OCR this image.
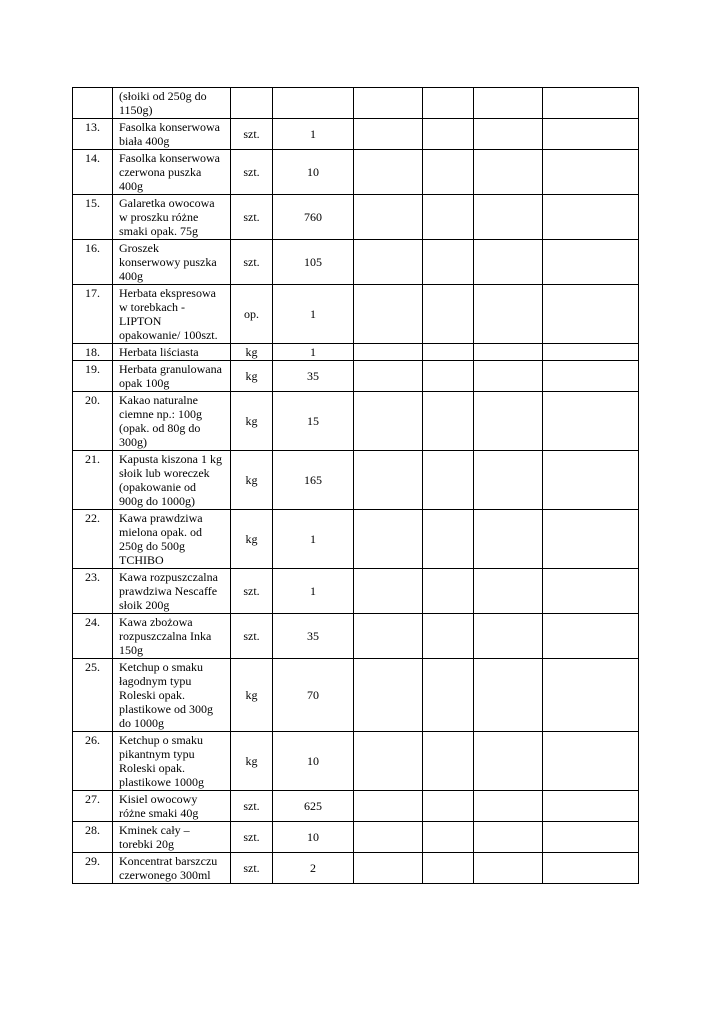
	(słoiki od 250g do
1150g)						

13.	Fasolka konserwowa
biała 400g	szt.	1				
14.	Fasolka konserwowa
czerwona puszka
400g	szt.	10				
15.	Galaretka owocowa
w proszku różne
smaki opak. 75g	szt.	760				
16.	Groszek
konserwowy puszka
400g	szt.	105				
17.	Herbata ekspresowa
w torebkach -
LIPTON
opakowanie/ 100szt.	op.	1				
18.	Herbata liściasta	kg	1				
19.	Herbata granulowana
opak 100g	kg	35				
20.	Kakao naturalne
ciemne np.: 100g
(opak. od 80g do
300g)	kg	15				
21.	Kapusta kiszona 1 kg
słoik lub woreczek
(opakowanie od
900g do 1000g)	kg	165				
22.	Kawa prawdziwa
mielona opak. od
250g do 500g
TCHIBO	kg	1				
23.	Kawa rozpuszczalna
prawdziwa Nescaffe
słoik 200g	szt.	1				
24.	Kawa zbożowa
rozpuszczalna Inka
150g	szt.	35				
25.	Ketchup o smaku
łagodnym typu
Roleski opak.
plastikowe od 300g
do 1000g	kg	70				
26.	Ketchup o smaku
pikantnym typu
Roleski opak.
plastikowe 1000g	kg	10				
27.	Kisiel owocowy
różne smaki 40g	szt.	625				
28.	Kminek cały –
torebki 20g	szt.	10				
29.	Koncentrat barszczu
czerwonego 300ml	szt.	2				
